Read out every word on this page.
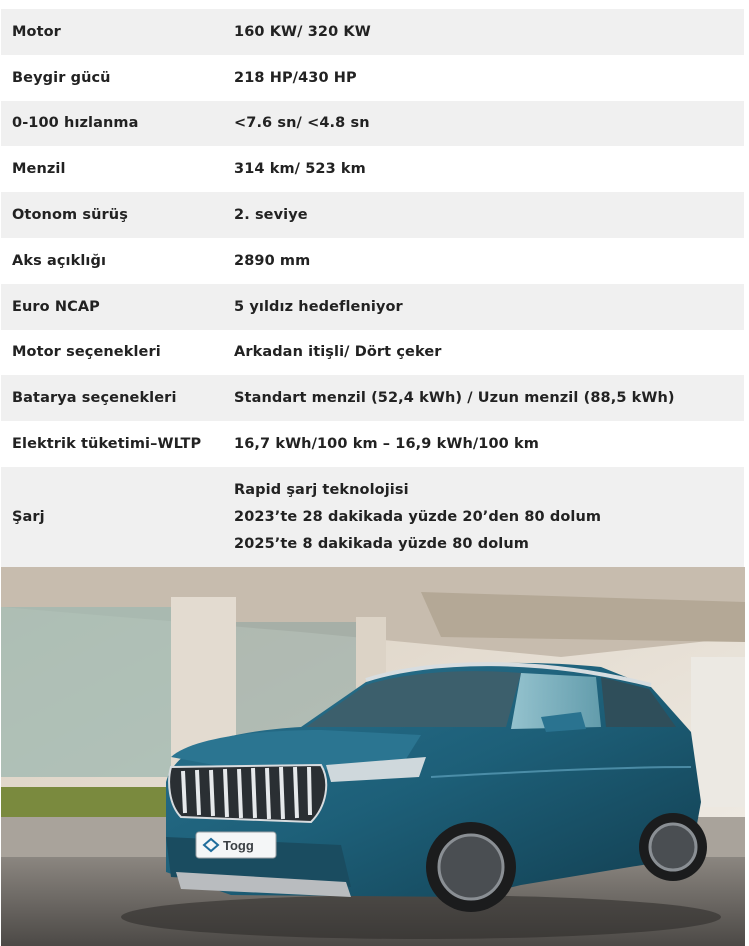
Motor	160 KW/ 320 KW
Beygir gücü	218 HP/430 HP
0-100 hızlanma	<7.6 sn/ <4.8 sn
Menzil	314 km/ 523 km
Otonom sürüş	2. seviye
Aks açıklığı	2890 mm
Euro NCAP	5 yıldız hedefleniyor
Motor seçenekleri	Arkadan itişli/ Dört çeker
Batarya seçenekleri	Standart menzil (52,4 kWh) / Uzun menzil (88,5 kWh)
Elektrik tüketimi–WLTP	16,7 kWh/100 km – 16,9 kWh/100 km
Şarj	Rapid şarj teknolojisi
2023’te 28 dakikada yüzde 20’den 80 dolum
2025’te 8 dakikada yüzde 80 dolum
Togg
